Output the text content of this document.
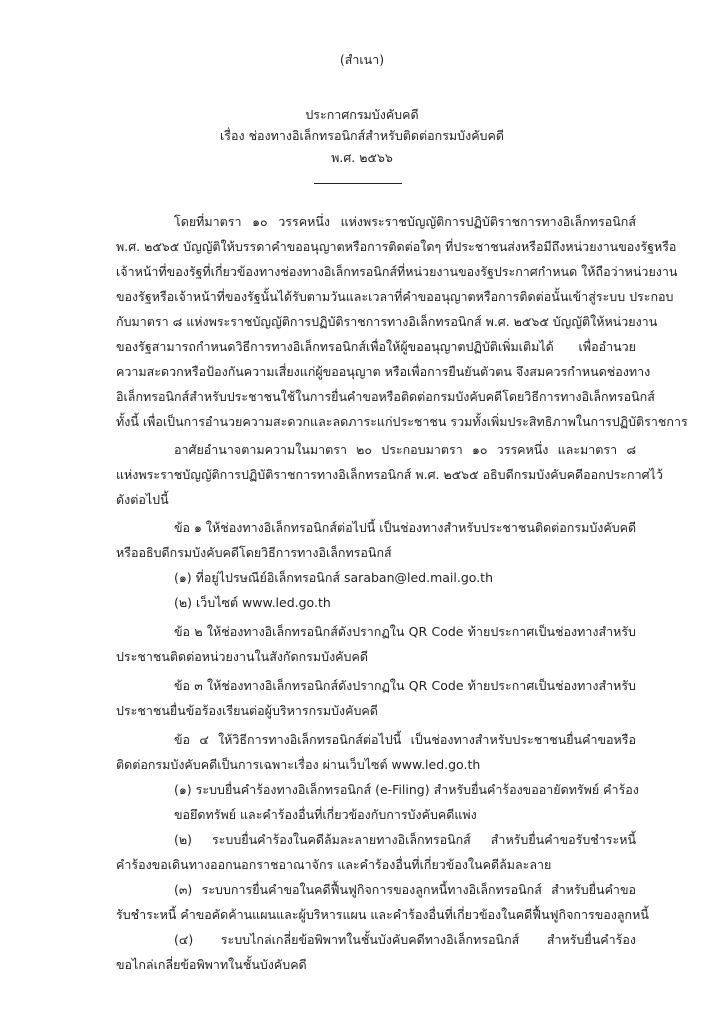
(สำเนา)
ประกาศกรมบังคับคดี
เรื่อง ช่องทางอิเล็กทรอนิกส์สำหรับติดต่อกรมบังคับคดี
พ.ศ. ๒๕๖๖
โดยที่มาตรา ๑๐ วรรคหนึ่ง แห่งพระราชบัญญัติการปฏิบัติราชการทางอิเล็กทรอนิกส์
พ.ศ. ๒๕๖๕ บัญญัติให้บรรดาคำขออนุญาตหรือการติดต่อใดๆ ที่ประชาชนส่งหรือมีถึงหน่วยงานของรัฐหรือ
เจ้าหน้าที่ของรัฐที่เกี่ยวข้องทางช่องทางอิเล็กทรอนิกส์ที่หน่วยงานของรัฐประกาศกำหนด ให้ถือว่าหน่วยงาน
ของรัฐหรือเจ้าหน้าที่ของรัฐนั้นได้รับตามวันและเวลาที่คำขออนุญาตหรือการติดต่อนั้นเข้าสู่ระบบ ประกอบ
กับมาตรา ๘ แห่งพระราชบัญญัติการปฏิบัติราชการทางอิเล็กทรอนิกส์ พ.ศ. ๒๕๖๕ บัญญัติให้หน่วยงาน
ของรัฐสามารถกำหนดวิธีการทางอิเล็กทรอนิกส์เพื่อให้ผู้ขออนุญาตปฏิบัติเพิ่มเติมได้ เพื่ออำนวย
ความสะดวกหรือป้องกันความเสี่ยงแก่ผู้ขออนุญาต หรือเพื่อการยืนยันตัวตน จึงสมควรกำหนดช่องทาง
อิเล็กทรอนิกส์สำหรับประชาชนใช้ในการยื่นคำขอหรือติดต่อกรมบังคับคดีโดยวิธีการทางอิเล็กทรอนิกส์
ทั้งนี้ เพื่อเป็นการอำนวยความสะดวกและลดภาระแก่ประชาชน รวมทั้งเพิ่มประสิทธิภาพในการปฏิบัติราชการ
อาศัยอำนาจตามความในมาตรา ๒๐ ประกอบมาตรา ๑๐ วรรคหนึ่ง และมาตรา ๘
แห่งพระราชบัญญัติการปฏิบัติราชการทางอิเล็กทรอนิกส์ พ.ศ. ๒๕๖๕ อธิบดีกรมบังคับคดีออกประกาศไว้
ดังต่อไปนี้
ข้อ ๑ ให้ช่องทางอิเล็กทรอนิกส์ต่อไปนี้ เป็นช่องทางสำหรับประชาชนติดต่อกรมบังคับคดี
หรืออธิบดีกรมบังคับคดีโดยวิธีการทางอิเล็กทรอนิกส์
(๑) ที่อยู่ไปรษณีย์อิเล็กทรอนิกส์ saraban@led.mail.go.th
(๒) เว็บไซต์ www.led.go.th
ข้อ ๒ ให้ช่องทางอิเล็กทรอนิกส์ดังปรากฏใน QR Code ท้ายประกาศเป็นช่องทางสำหรับ
ประชาชนติดต่อหน่วยงานในสังกัดกรมบังคับคดี
ข้อ ๓ ให้ช่องทางอิเล็กทรอนิกส์ดังปรากฏใน QR Code ท้ายประกาศเป็นช่องทางสำหรับ
ประชาชนยื่นข้อร้องเรียนต่อผู้บริหารกรมบังคับคดี
ข้อ ๔ ให้วิธีการทางอิเล็กทรอนิกส์ต่อไปนี้ เป็นช่องทางสำหรับประชาชนยื่นคำขอหรือ
ติดต่อกรมบังคับคดีเป็นการเฉพาะเรื่อง ผ่านเว็บไซต์ www.led.go.th
(๑) ระบบยื่นคำร้องทางอิเล็กทรอนิกส์ (e-Filing) สำหรับยื่นคำร้องขออายัดทรัพย์ คำร้อง
ขอยึดทรัพย์ และคำร้องอื่นที่เกี่ยวข้องกับการบังคับคดีแพ่ง
(๒) ระบบยื่นคำร้องในคดีล้มละลายทางอิเล็กทรอนิกส์ สำหรับยื่นคำขอรับชำระหนี้
คำร้องขอเดินทางออกนอกราชอาณาจักร และคำร้องอื่นที่เกี่ยวข้องในคดีล้มละลาย
(๓) ระบบการยื่นคำขอในคดีฟื้นฟูกิจการของลูกหนี้ทางอิเล็กทรอนิกส์ สำหรับยื่นคำขอ
รับชำระหนี้ คำขอคัดค้านแผนและผู้บริหารแผน และคำร้องอื่นที่เกี่ยวข้องในคดีฟื้นฟูกิจการของลูกหนี้
(๔) ระบบไกล่เกลี่ยข้อพิพาทในชั้นบังคับคดีทางอิเล็กทรอนิกส์ สำหรับยื่นคำร้อง
ขอไกล่เกลี่ยข้อพิพาทในชั้นบังคับคดี
